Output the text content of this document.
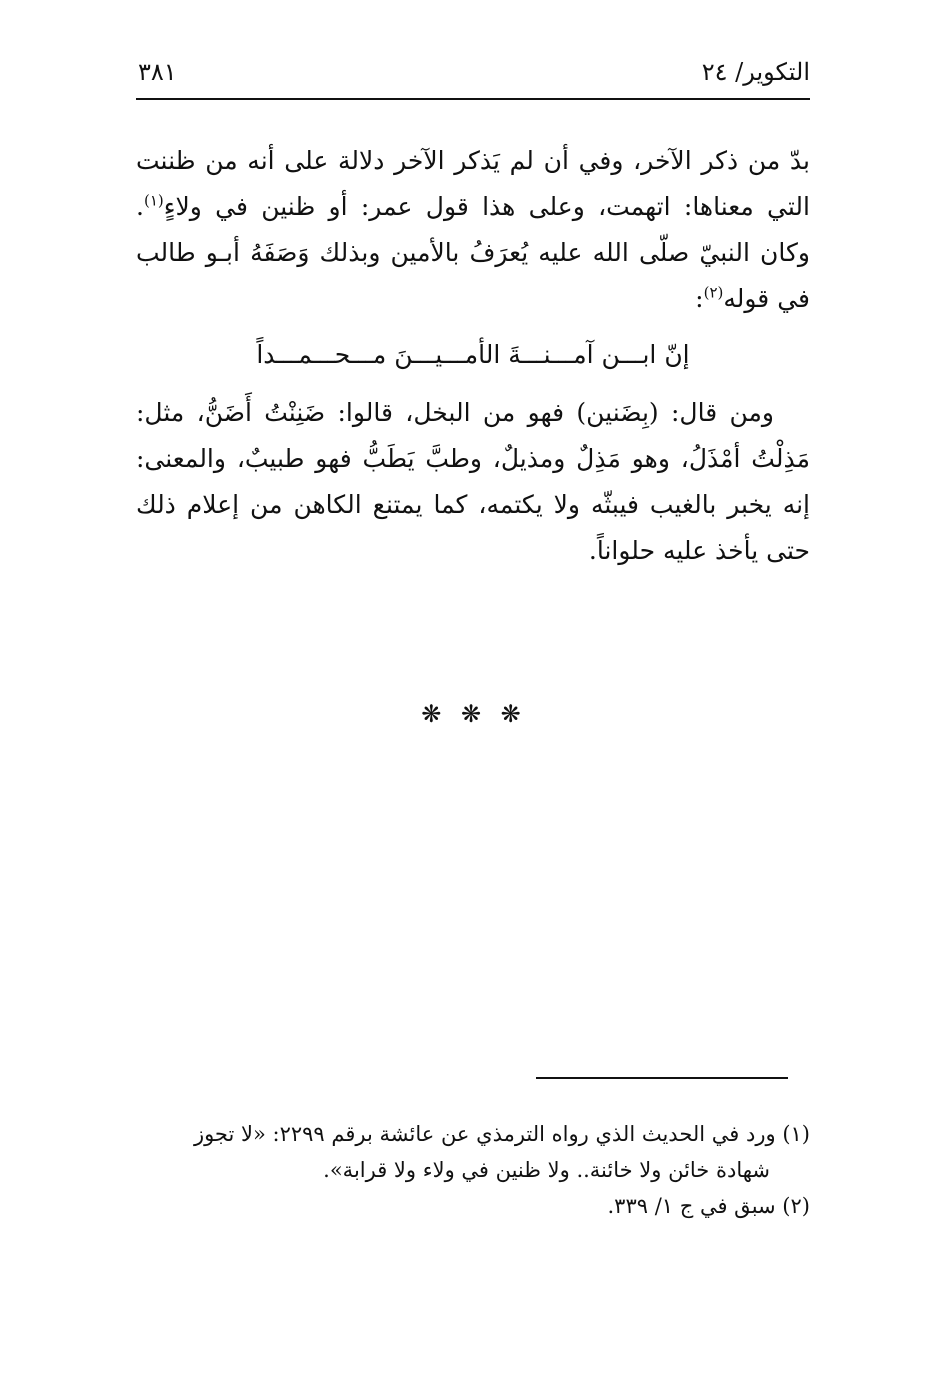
التكوير/ ٢٤
٣٨١

بدّ من ذكر الآخر، وفي أن لم يَذكر الآخر دلالة على أنه من ظننت التي معناها: اتهمت، وعلى هذا قول عمر: أو ظنين في ولاءٍ$^{(١)}$. وكان النبيّ صلّى الله عليه يُعرَفُ بالأمين وبذلك وَصَفَهُ أبـو طالب في قوله$^{(٢)}$:

إنّ ابـــن آمـــنـــةَ الأمـــيـــنَ مـــحـــمـــداً

ومن قال: (بِضَنين) فهو من البخل، قالوا: ضَنِنْتُ أَضَنُّ، مثل: مَذِلْتُ أمْذَلُ، وهو مَذِلٌ ومذيلٌ، وطبَّ يَطَبُّ فهو طبيبٌ، والمعنى: إنه يخبر بالغيب فيبثّه ولا يكتمه، كما يمتنع الكاهن من إعلام ذلك حتى يأخذ عليه حلواناً.

❋ ❋ ❋

(١) ورد في الحديث الذي رواه الترمذي عن عائشة برقم ٢٢٩٩: «لا تجوز

شهادة خائن ولا خائنة.. ولا ظنين في ولاء ولا قرابة».

(٢) سبق في ج ١/ ٣٣٩.
